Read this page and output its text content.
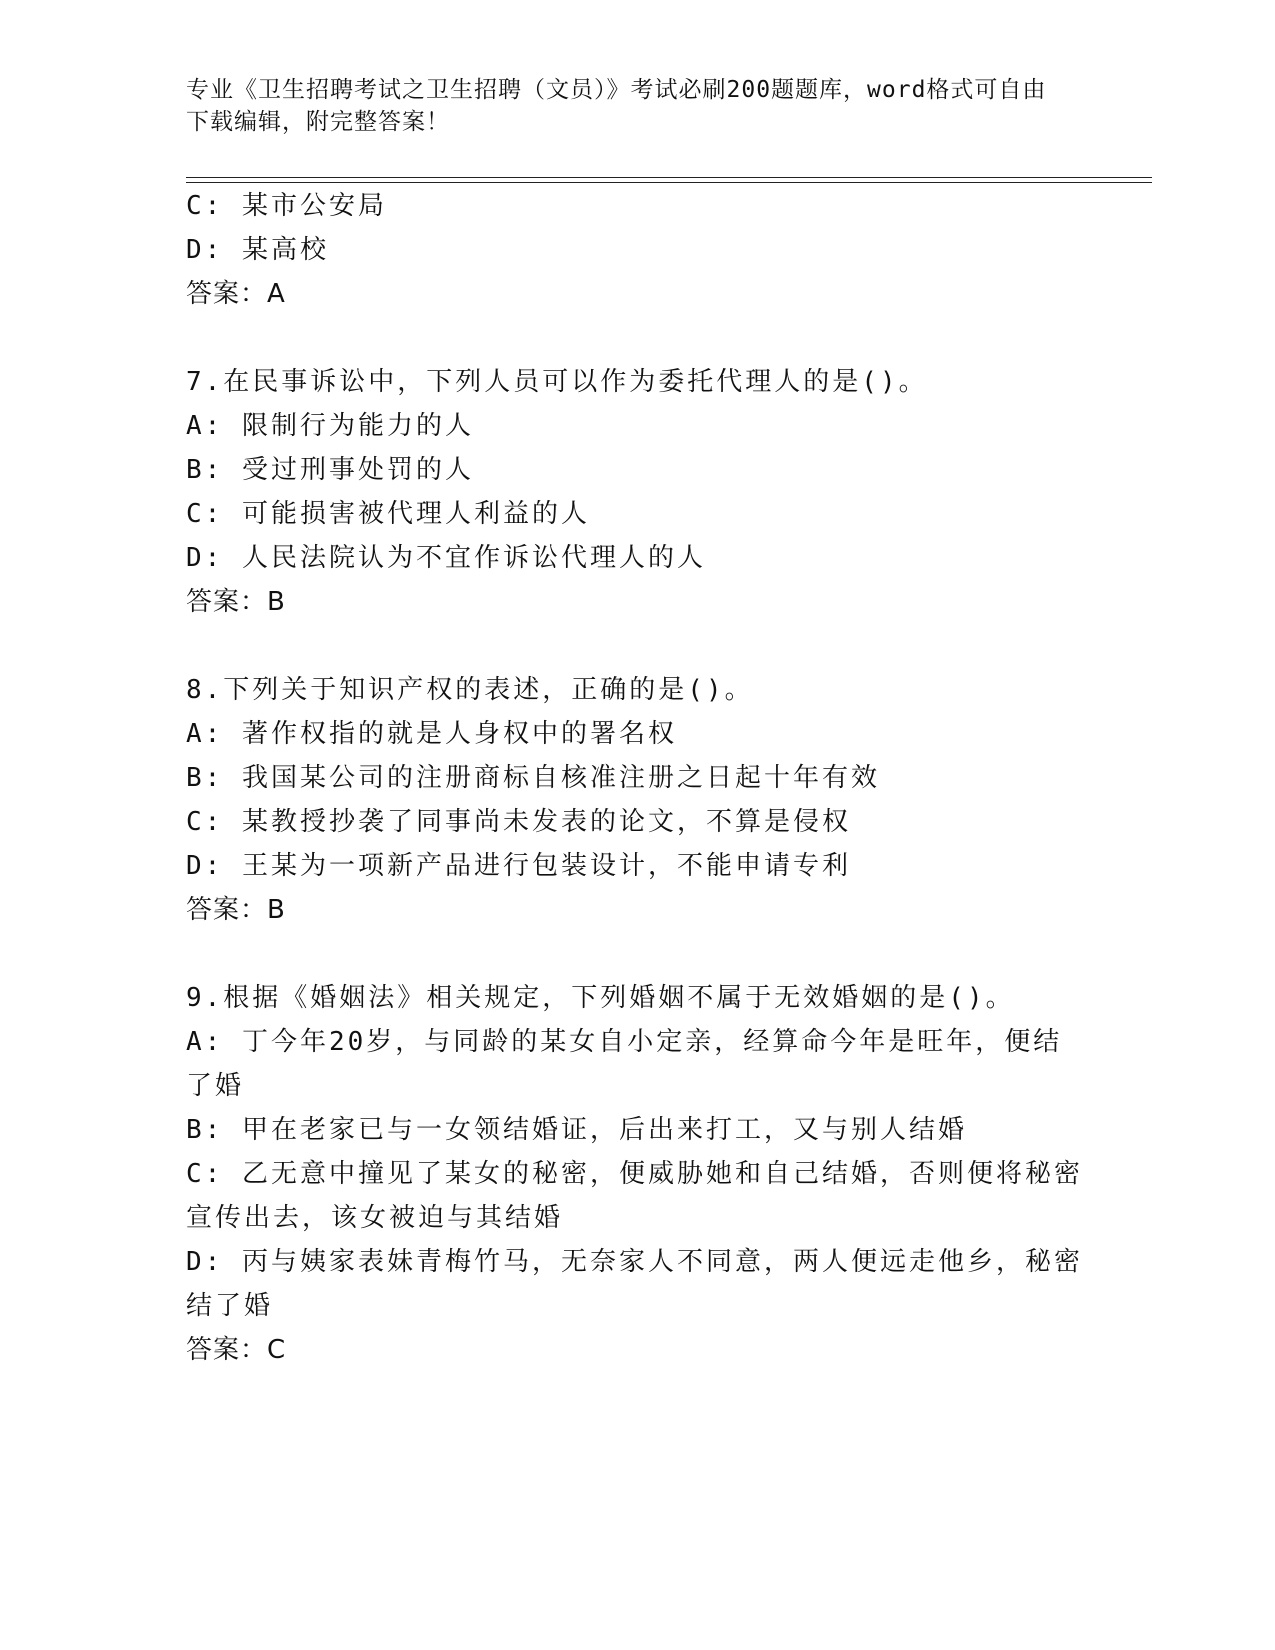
专业《卫生招聘考试之卫生招聘（文员）》考试必刷200题题库，word格式可自由下载编辑，附完整答案！
C: 某市公安局
D: 某高校
答案：A
7.在民事诉讼中，下列人员可以作为委托代理人的是()。
A: 限制行为能力的人
B: 受过刑事处罚的人
C: 可能损害被代理人利益的人
D: 人民法院认为不宜作诉讼代理人的人
答案：B
8.下列关于知识产权的表述，正确的是()。
A: 著作权指的就是人身权中的署名权
B: 我国某公司的注册商标自核准注册之日起十年有效
C: 某教授抄袭了同事尚未发表的论文，不算是侵权
D: 王某为一项新产品进行包装设计，不能申请专利
答案：B
9.根据《婚姻法》相关规定，下列婚姻不属于无效婚姻的是()。
A: 丁今年20岁，与同龄的某女自小定亲，经算命今年是旺年，便结
了婚
B: 甲在老家已与一女领结婚证，后出来打工，又与别人结婚
C: 乙无意中撞见了某女的秘密，便威胁她和自己结婚，否则便将秘密
宣传出去，该女被迫与其结婚
D: 丙与姨家表妹青梅竹马，无奈家人不同意，两人便远走他乡，秘密
结了婚
答案：C
